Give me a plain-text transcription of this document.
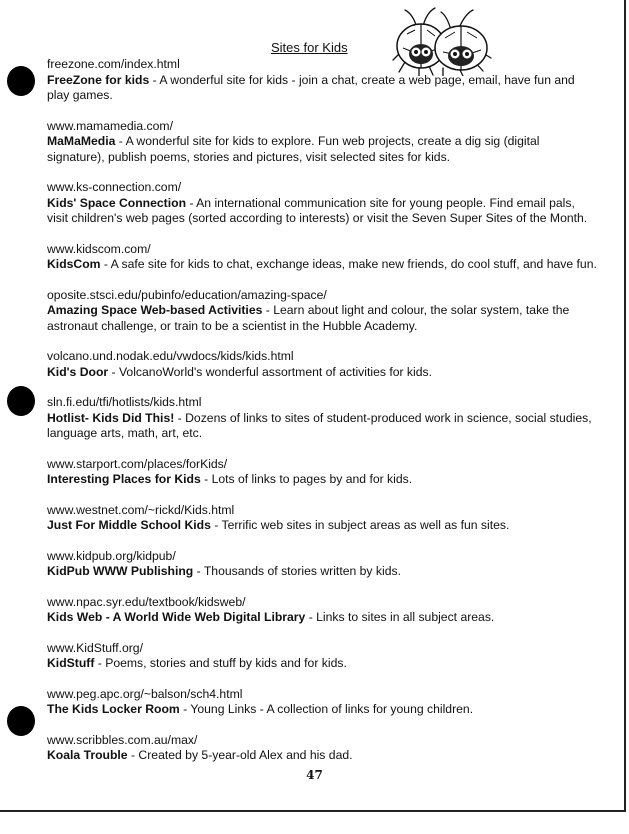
Sites for Kids
freezone.com/index.html
FreeZone for kids - A wonderful site for kids - join a chat, create a web page, email, have fun and play games.
www.mamamedia.com/
MaMaMedia - A wonderful site for kids to explore. Fun web projects, create a dig sig (digital signature), publish poems, stories and pictures, visit selected sites for kids.
www.ks-connection.com/
Kids' Space Connection - An international communication site for young people. Find email pals, visit children's web pages (sorted according to interests) or visit the Seven Super Sites of the Month.
www.kidscom.com/
KidsCom - A safe site for kids to chat, exchange ideas, make new friends, do cool stuff, and have fun.
oposite.stsci.edu/pubinfo/education/amazing-space/
Amazing Space Web-based Activities - Learn about light and colour, the solar system, take the astronaut challenge, or train to be a scientist in the Hubble Academy.
volcano.und.nodak.edu/vwdocs/kids/kids.html
Kid's Door - VolcanoWorld's wonderful assortment of activities for kids.
sln.fi.edu/tfi/hotlists/kids.html
Hotlist- Kids Did This! - Dozens of links to sites of student-produced work in science, social studies, language arts, math, art, etc.
www.starport.com/places/forKids/
Interesting Places for Kids - Lots of links to pages by and for kids.
www.westnet.com/~rickd/Kids.html
Just For Middle School Kids - Terrific web sites in subject areas as well as fun sites.
www.kidpub.org/kidpub/
KidPub WWW Publishing - Thousands of stories written by kids.
www.npac.syr.edu/textbook/kidsweb/
Kids Web - A World Wide Web Digital Library - Links to sites in all subject areas.
www.KidStuff.org/
KidStuff - Poems, stories and stuff by kids and for kids.
www.peg.apc.org/~balson/sch4.html
The Kids Locker Room - Young Links - A collection of links for young children.
www.scribbles.com.au/max/
Koala Trouble - Created by 5-year-old Alex and his dad.
47
